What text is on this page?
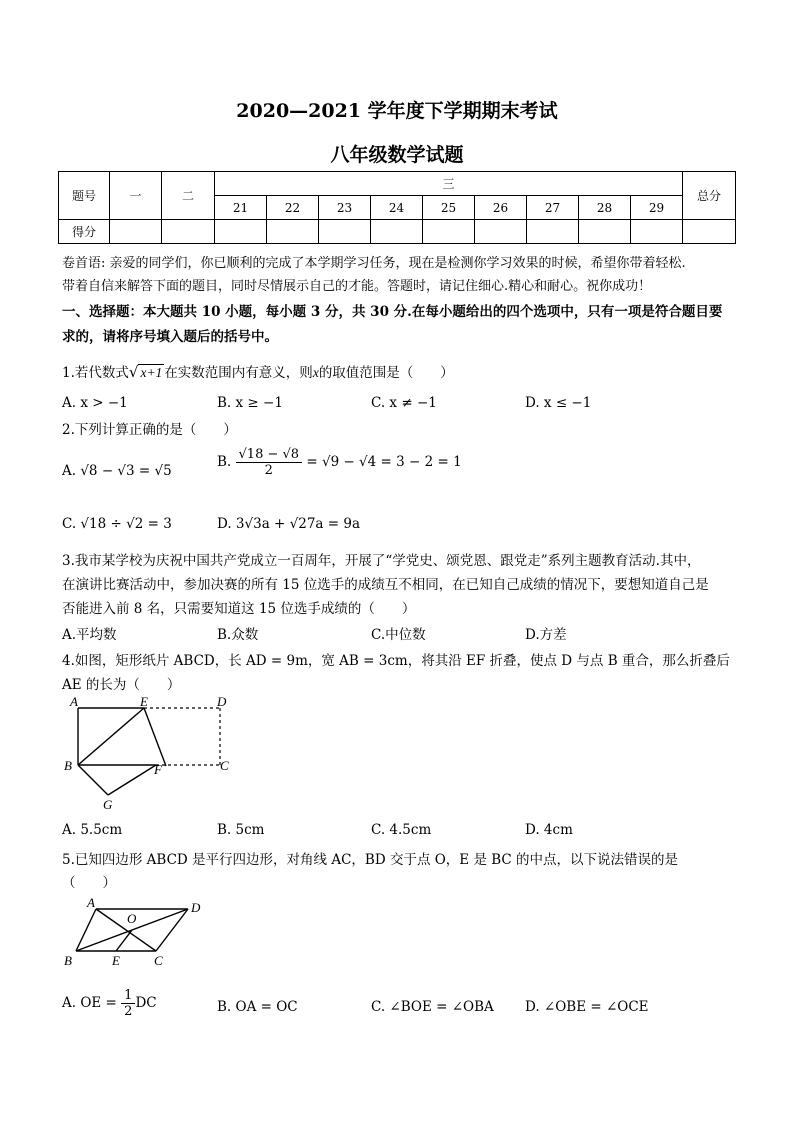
2020—2021 学年度下学期期末考试
八年级数学试题
题号	一	二	三									总分
			21	22	23	24	25	26	27	28	29	
得分												
卷首语: 亲爱的同学们，你已顺利的完成了本学期学习任务，现在是检测你学习效果的时候，希望你带着轻松.
带着自信来解答下面的题目，同时尽情展示自己的才能。答题时，请记住细心.精心和耐心。祝你成功！
一、选择题：本大题共 10 小题，每小题 3 分，共 30 分.在每小题给出的四个选项中，只有一项是符合题目要
求的，请将序号填入题后的括号中。
1.若代数式√ x+1 在实数范围内有意义，则x的取值范围是（　　）
A. x > −1	B. x ≥ −1	C. x ≠ −1	D. x ≤ −1
2.下列计算正确的是（　　）
A. √8 − √3 = √5
B. $\frac{√18 - √8}{2} = √9 - √4 = 3 - 2 = 1$
C. √18 ÷ √2 = 3	D. 3√3a + √27a = 9a
3.我市某学校为庆祝中国共产党成立一百周年，开展了“学党史、颂党恩、跟党走”系列主题教育活动.其中，
在演讲比赛活动中，参加决赛的所有 15 位选手的成绩互不相同，在已知自己成绩的情况下，要想知道自己是
否能进入前 8 名，只需要知道这 15 位选手成绩的（　　）
A.平均数	B.众数	C.中位数	D.方差
4.如图，矩形纸片 ABCD，长 AD = 9m，宽 AB = 3cm，将其沿 EF 折叠，使点 D 与点 B 重合，那么折叠后
AE 的长为（　　）
A	E	D
B	F	C
G
A. 5.5cm	B. 5cm	C. 4.5cm	D. 4cm
5.已知四边形 ABCD 是平行四边形，对角线 AC，BD 交于点 O，E 是 BC 的中点，以下说法错误的是
（　　）
A
O
D
B	E	C
A. OE = $\frac{1}{2}$ DC	B. OA = OC	C. ∠BOE = ∠OBA D. ∠OBE = ∠OCE
